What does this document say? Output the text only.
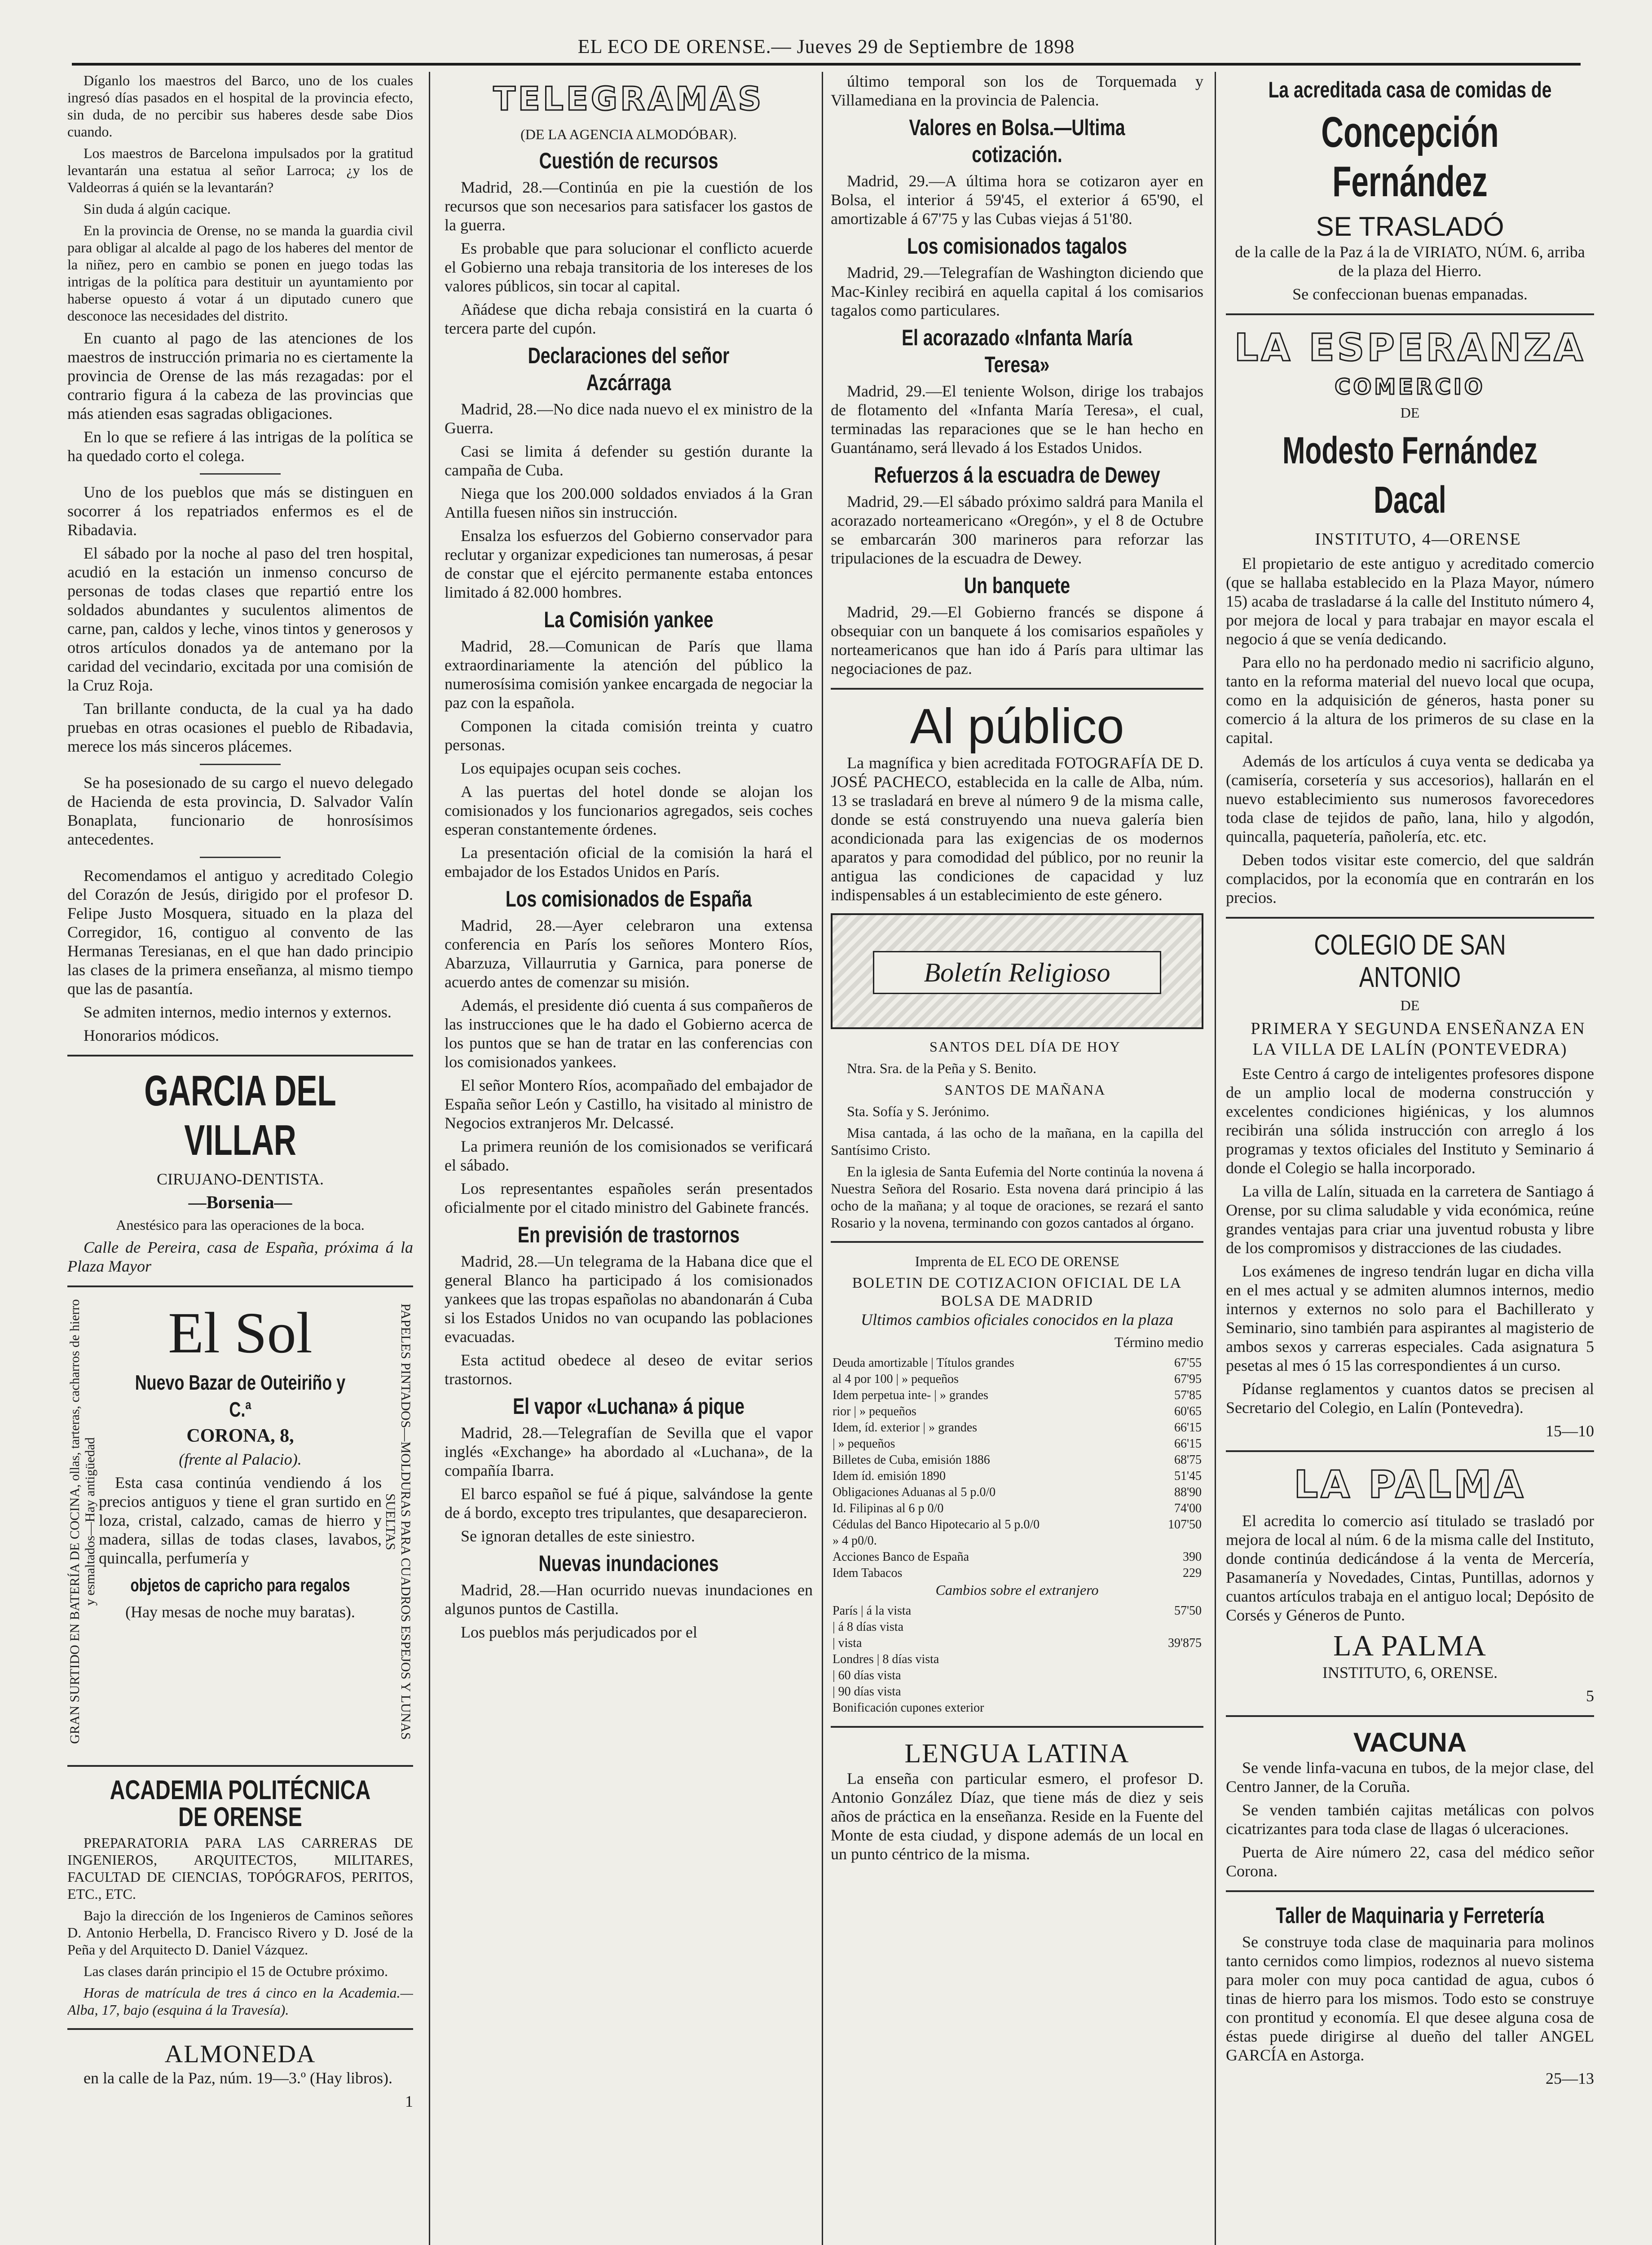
EL ECO DE ORENSE.— Jueves 29 de Septiembre de 1898

Díganlo los maestros del Barco, uno de los cuales ingresó días pasados en el hospital de la provincia efecto, sin duda, de no percibir sus haberes desde sabe Dios cuando.

Los maestros de Barcelona impulsados por la gratitud levantarán una estatua al señor Larroca; ¿y los de Valdeorras á quién se la levantarán?

Sin duda á algún cacique.

En la provincia de Orense, no se manda la guardia civil para obligar al alcalde al pago de los haberes del mentor de la niñez, pero en cambio se ponen en juego todas las intrigas de la política para destituir un ayuntamiento por haberse opuesto á votar á un diputado cunero que desconoce las necesidades del distrito.

En cuanto al pago de las atenciones de los maestros de instrucción primaria no es ciertamente la provincia de Orense de las más rezagadas: por el contrario figura á la cabeza de las provincias que más atienden esas sagradas obligaciones.

En lo que se refiere á las intrigas de la política se ha quedado corto el colega.

Uno de los pueblos que más se distinguen en socorrer á los repatriados enfermos es el de Ribadavia.

El sábado por la noche al paso del tren hospital, acudió en la estación un inmenso concurso de personas de todas clases que repartió entre los soldados abundantes y suculentos alimentos de carne, pan, caldos y leche, vinos tintos y generosos y otros artículos donados ya de antemano por la caridad del vecindario, excitada por una comisión de la Cruz Roja.

Tan brillante conducta, de la cual ya ha dado pruebas en otras ocasiones el pueblo de Ribadavia, merece los más sinceros plácemes.

Se ha posesionado de su cargo el nuevo delegado de Hacienda de esta provincia, D. Salvador Valín Bonaplata, funcionario de honrosísimos antecedentes.

Recomendamos el antiguo y acreditado Colegio del Corazón de Jesús, dirigido por el profesor D. Felipe Justo Mosquera, situado en la plaza del Corregidor, 16, contiguo al convento de las Hermanas Teresianas, en el que han dado principio las clases de la primera enseñanza, al mismo tiempo que las de pasantía.

Se admiten internos, medio internos y externos.

Honorarios módicos.

GARCIA DEL VILLAR

CIRUJANO-DENTISTA.

—Borsenia—

Anestésico para las operaciones de la boca.

Calle de Pereira, casa de España, próxima á la Plaza Mayor

GRAN SURTIDO EN BATERÍA DE COCINA, ollas, tarteras, cacharros de hierro y esmaltados—Hay antigüedad	PAPELES PINTADOS—MOLDURAS PARA CUADROS ESPEJOS Y LUNAS SUELTAS
El Sol
Nuevo Bazar de Outeiriño y C.ª

CORONA, 8,

(frente al Palacio).

Esta casa continúa vendiendo á los precios antiguos y tiene el gran surtido en loza, cristal, calzado, camas de hierro y madera, sillas de todas clases, lavabos, quincalla, perfumería y

objetos de capricho para regalos

(Hay mesas de noche muy baratas).

ACADEMIA POLITÉCNICA DE ORENSE

PREPARATORIA PARA LAS CARRERAS DE INGENIEROS, ARQUITECTOS, MILITARES, FACULTAD DE CIENCIAS, TOPÓGRAFOS, PERITOS, ETC., ETC.

Bajo la dirección de los Ingenieros de Caminos señores D. Antonio Herbella, D. Francisco Rivero y D. José de la Peña y del Arquitecto D. Daniel Vázquez.

Las clases darán principio el 15 de Octubre próximo.

Horas de matrícula de tres á cinco en la Academia.—Alba, 17, bajo (esquina á la Travesía).

ALMONEDA

en la calle de la Paz, núm. 19—3.º (Hay libros).

1

TELEGRAMAS

(DE LA AGENCIA ALMODÓBAR).

Cuestión de recursos

Madrid, 28.—Continúa en pie la cuestión de los recursos que son necesarios para satisfacer los gastos de la guerra.

Es probable que para solucionar el conflicto acuerde el Gobierno una rebaja transitoria de los intereses de los valores públicos, sin tocar al capital.

Añádese que dicha rebaja consistirá en la cuarta ó tercera parte del cupón.

Declaraciones del señor Azcárraga

Madrid, 28.—No dice nada nuevo el ex ministro de la Guerra.

Casi se limita á defender su gestión durante la campaña de Cuba.

Niega que los 200.000 soldados enviados á la Gran Antilla fuesen niños sin instrucción.

Ensalza los esfuerzos del Gobierno conservador para reclutar y organizar expediciones tan numerosas, á pesar de constar que el ejército permanente estaba entonces limitado á 82.000 hombres.

La Comisión yankee

Madrid, 28.—Comunican de París que llama extraordinariamente la atención del público la numerosísima comisión yankee encargada de negociar la paz con la española.

Componen la citada comisión treinta y cuatro personas.

Los equipajes ocupan seis coches.

A las puertas del hotel donde se alojan los comisionados y los funcionarios agregados, seis coches esperan constantemente órdenes.

La presentación oficial de la comisión la hará el embajador de los Estados Unidos en París.

Los comisionados de España

Madrid, 28.—Ayer celebraron una extensa conferencia en París los señores Montero Ríos, Abarzuza, Villaurrutia y Garnica, para ponerse de acuerdo antes de comenzar su misión.

Además, el presidente dió cuenta á sus compañeros de las instrucciones que le ha dado el Gobierno acerca de los puntos que se han de tratar en las conferencias con los comisionados yankees.

El señor Montero Ríos, acompañado del embajador de España señor León y Castillo, ha visitado al ministro de Negocios extranjeros Mr. Delcassé.

La primera reunión de los comisionados se verificará el sábado.

Los representantes españoles serán presentados oficialmente por el citado ministro del Gabinete francés.

En previsión de trastornos

Madrid, 28.—Un telegrama de la Habana dice que el general Blanco ha participado á los comisionados yankees que las tropas españolas no abandonarán á Cuba si los Estados Unidos no van ocupando las poblaciones evacuadas.

Esta actitud obedece al deseo de evitar serios trastornos.

El vapor «Luchana» á pique

Madrid, 28.—Telegrafían de Sevilla que el vapor inglés «Exchange» ha abordado al «Luchana», de la compañía Ibarra.

El barco español se fué á pique, salvándose la gente de á bordo, excepto tres tripulantes, que desaparecieron.

Se ignoran detalles de este siniestro.

Nuevas inundaciones

Madrid, 28.—Han ocurrido nuevas inundaciones en algunos puntos de Castilla.

Los pueblos más perjudicados por el

último temporal son los de Torquemada y Villamediana en la provincia de Palencia.

Valores en Bolsa.—Ultima cotización.

Madrid, 29.—A última hora se cotizaron ayer en Bolsa, el interior á 59'45, el exterior á 65'90, el amortizable á 67'75 y las Cubas viejas á 51'80.

Los comisionados tagalos

Madrid, 29.—Telegrafían de Washington diciendo que Mac-Kinley recibirá en aquella capital á los comisarios tagalos como particulares.

El acorazado «Infanta María Teresa»

Madrid, 29.—El teniente Wolson, dirige los trabajos de flotamento del «Infanta María Teresa», el cual, terminadas las reparaciones que se le han hecho en Guantánamo, será llevado á los Estados Unidos.

Refuerzos á la escuadra de Dewey

Madrid, 29.—El sábado próximo saldrá para Manila el acorazado norteamericano «Oregón», y el 8 de Octubre se embarcarán 300 marineros para reforzar las tripulaciones de la escuadra de Dewey.

Un banquete

Madrid, 29.—El Gobierno francés se dispone á obsequiar con un banquete á los comisarios españoles y norteamericanos que han ido á París para ultimar las negociaciones de paz.

Al público

La magnífica y bien acreditada FOTOGRAFÍA DE D. JOSÉ PACHECO, establecida en la calle de Alba, núm. 13 se trasladará en breve al número 9 de la misma calle, donde se está construyendo una nueva galería bien acondicionada para las exigencias de os modernos aparatos y para comodidad del público, por no reunir la antigua las condiciones de capacidad y luz indispensables á un establecimiento de este género.

Boletín Religioso

SANTOS DEL DÍA DE HOY

Ntra. Sra. de la Peña y S. Benito.

SANTOS DE MAÑANA

Sta. Sofía y S. Jerónimo.

Misa cantada, á las ocho de la mañana, en la capilla del Santísimo Cristo.

En la iglesia de Santa Eufemia del Norte continúa la novena á Nuestra Señora del Rosario. Esta novena dará principio á las ocho de la mañana; y al toque de oraciones, se rezará el santo Rosario y la novena, terminando con gozos cantados al órgano.

Imprenta de EL ECO DE ORENSE

BOLETIN DE COTIZACION OFICIAL DE LA BOLSA DE MADRID

Ultimos cambios oficiales conocidos en la plaza

Término medio

Deuda amortizable | Títulos grandes	67'55
al 4 por 100 | » pequeños	67'95
Idem perpetua inte- | » grandes	57'85
rior | » pequeños	60'65
Idem, íd. exterior | » grandes	66'15
| » pequeños	66'15
Billetes de Cuba, emisión 1886	68'75
Idem íd. emisión 1890	51'45
Obligaciones Aduanas al 5 p.0/0	88'90
Id. Filipinas al 6 p 0/0	74'00
Cédulas del Banco Hipotecario al 5 p.0/0	107'50
» 4 p0/0.	
Acciones Banco de España	390
Idem Tabacos	229

Cambios sobre el extranjero

París | á la vista	57'50
| á 8 días vista	
| vista	39'875
Londres | 8 días vista	
| 60 días vista	
| 90 días vista	
Bonificación cupones exterior	
LENGUA LATINA

La enseña con particular esmero, el profesor D. Antonio González Díaz, que tiene más de diez y seis años de práctica en la enseñanza. Reside en la Fuente del Monte de esta ciudad, y dispone además de un local en un punto céntrico de la misma.

La acreditada casa de comidas de
Concepción Fernández
SE TRASLADÓ

de la calle de la Paz á la de VIRIATO, NÚM. 6, arriba de la plaza del Hierro.

Se confeccionan buenas empanadas.

LA ESPERANZA
COMERCIO

DE

Modesto Fernández Dacal

INSTITUTO, 4—ORENSE

El propietario de este antiguo y acreditado comercio (que se hallaba establecido en la Plaza Mayor, número 15) acaba de trasladarse á la calle del Instituto número 4, por mejora de local y para trabajar en mayor escala el negocio á que se venía dedicando.

Para ello no ha perdonado medio ni sacrificio alguno, tanto en la reforma material del nuevo local que ocupa, como en la adquisición de géneros, hasta poner su comercio á la altura de los primeros de su clase en la capital.

Además de los artículos á cuya venta se dedicaba ya (camisería, corsetería y sus accesorios), hallarán en el nuevo establecimiento sus numerosos favorecedores toda clase de tejidos de paño, lana, hilo y algodón, quincalla, paquetería, pañolería, etc. etc.

Deben todos visitar este comercio, del que saldrán complacidos, por la economía que en contrarán en los precios.

COLEGIO DE SAN ANTONIO

DE

PRIMERA Y SEGUNDA ENSEÑANZA EN LA VILLA DE LALÍN (PONTEVEDRA)

Este Centro á cargo de inteligentes profesores dispone de un amplio local de moderna construcción y excelentes condiciones higiénicas, y los alumnos recibirán una sólida instrucción con arreglo á los programas y textos oficiales del Instituto y Seminario á donde el Colegio se halla incorporado.

La villa de Lalín, situada en la carretera de Santiago á Orense, por su clima saludable y vida económica, reúne grandes ventajas para criar una juventud robusta y libre de los compromisos y distracciones de las ciudades.

Los exámenes de ingreso tendrán lugar en dicha villa en el mes actual y se admiten alumnos internos, medio internos y externos no solo para el Bachillerato y Seminario, sino también para aspirantes al magisterio de ambos sexos y carreras especiales. Cada asignatura 5 pesetas al mes ó 15 las correspondientes á un curso.

Pídanse reglamentos y cuantos datos se precisen al Secretario del Colegio, en Lalín (Pontevedra).

15—10

LA PALMA

El acredita lo comercio así titulado se trasladó por mejora de local al núm. 6 de la misma calle del Instituto, donde continúa dedicándose á la venta de Mercería, Pasamanería y Novedades, Cintas, Puntillas, adornos y cuantos artículos trabaja en el antiguo local; Depósito de Corsés y Géneros de Punto.

LA PALMA

INSTITUTO, 6, ORENSE.

5

VACUNA

Se vende linfa-vacuna en tubos, de la mejor clase, del Centro Janner, de la Coruña.

Se venden también cajitas metálicas con polvos cicatrizantes para toda clase de llagas ó ulceraciones.

Puerta de Aire número 22, casa del médico señor Corona.

Taller de Maquinaria y Ferretería

Se construye toda clase de maquinaria para molinos tanto cernidos como limpios, rodeznos al nuevo sistema para moler con muy poca cantidad de agua, cubos ó tinas de hierro para los mismos. Todo esto se construye con prontitud y economía. El que desee alguna cosa de éstas puede dirigirse al dueño del taller ANGEL GARCÍA en Astorga.

25—13
